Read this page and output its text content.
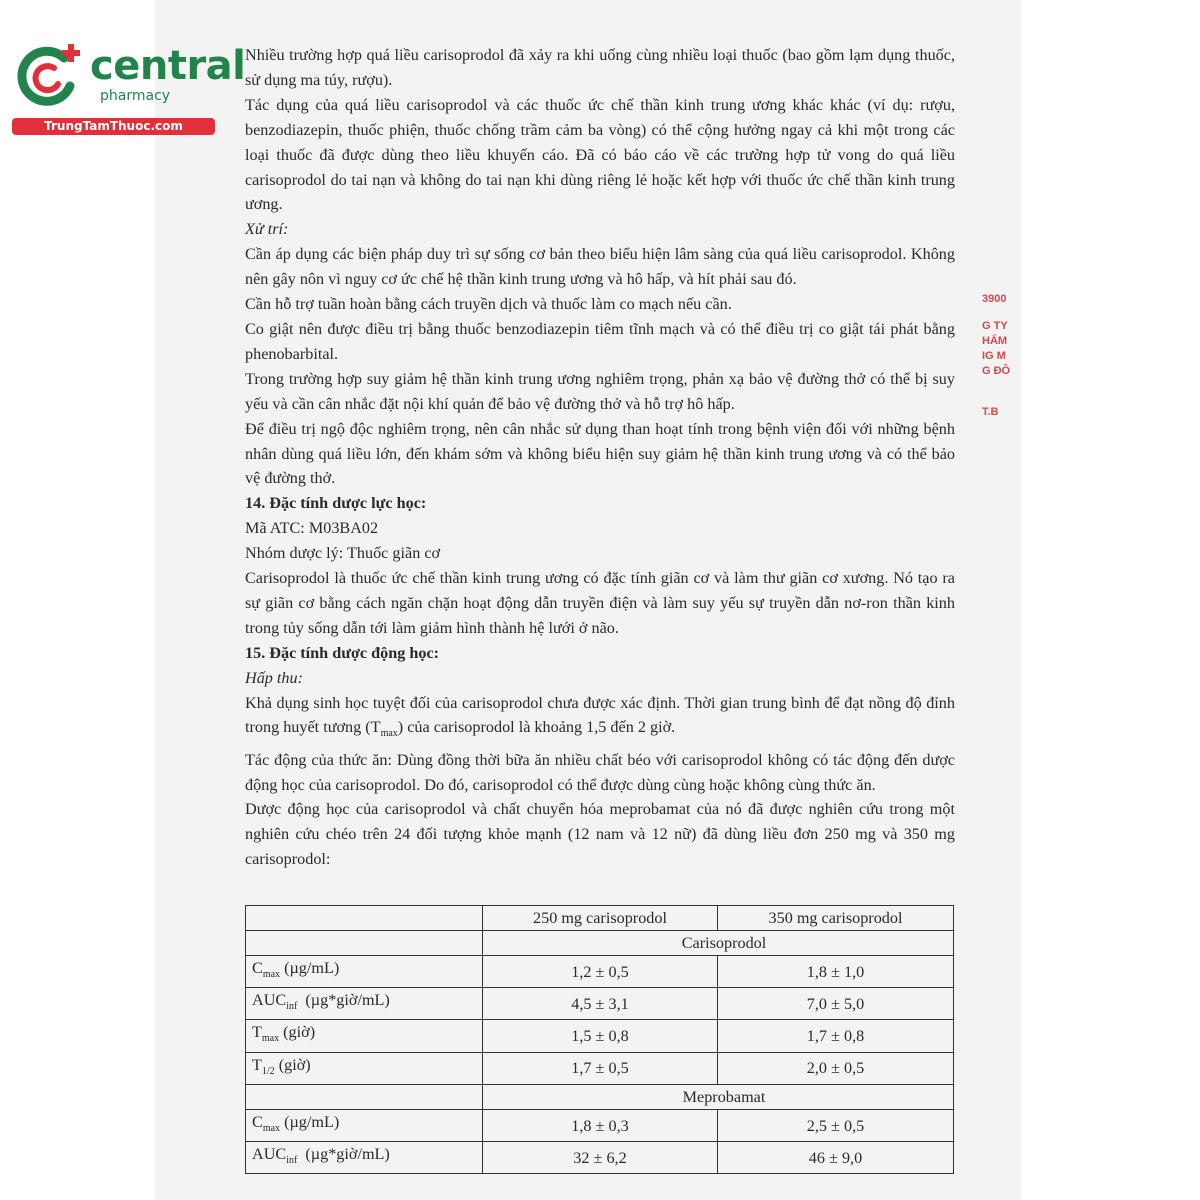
central
pharmacy
TrungTamThuoc.com
3900
G TY
HẨM
IG M
G ĐÔ
T.B

Nhiều trường hợp quá liều carisoprodol đã xảy ra khi uống cùng nhiều loại thuốc (bao gồm lạm dụng thuốc, sử dụng ma túy, rượu).

Tác dụng của quá liều carisoprodol và các thuốc ức chế thần kinh trung ương khác khác (ví dụ: rượu, benzodiazepin, thuốc phiện, thuốc chống trầm cảm ba vòng) có thể cộng hưởng ngay cả khi một trong các loại thuốc đã được dùng theo liều khuyến cáo. Đã có báo cáo về các trường hợp tử vong do quá liều carisoprodol do tai nạn và không do tai nạn khi dùng riêng lẻ hoặc kết hợp với thuốc ức chế thần kinh trung ương.

Xử trí:

Cần áp dụng các biện pháp duy trì sự sống cơ bản theo biểu hiện lâm sàng của quá liều carisoprodol. Không nên gây nôn vì nguy cơ ức chế hệ thần kinh trung ương và hô hấp, và hít phải sau đó.

Cần hỗ trợ tuần hoàn bằng cách truyền dịch và thuốc làm co mạch nếu cần.

Co giật nên được điều trị bằng thuốc benzodiazepin tiêm tĩnh mạch và có thể điều trị co giật tái phát bằng phenobarbital.

Trong trường hợp suy giảm hệ thần kinh trung ương nghiêm trọng, phản xạ bảo vệ đường thở có thể bị suy yếu và cần cân nhắc đặt nội khí quản để bảo vệ đường thở và hỗ trợ hô hấp.

Để điều trị ngộ độc nghiêm trọng, nên cân nhắc sử dụng than hoạt tính trong bệnh viện đối với những bệnh nhân dùng quá liều lớn, đến khám sớm và không biểu hiện suy giảm hệ thần kinh trung ương và có thể bảo vệ đường thở.

14. Đặc tính dược lực học:

Mã ATC: M03BA02

Nhóm dược lý: Thuốc giãn cơ

Carisoprodol là thuốc ức chế thần kinh trung ương có đặc tính giãn cơ và làm thư giãn cơ xương. Nó tạo ra sự giãn cơ bằng cách ngăn chặn hoạt động dẫn truyền điện và làm suy yếu sự truyền dẫn nơ-ron thần kinh trong tủy sống dẫn tới làm giảm hình thành hệ lưới ở não.

15. Đặc tính dược động học:

Hấp thu:

Khả dụng sinh học tuyệt đối của carisoprodol chưa được xác định. Thời gian trung bình để đạt nồng độ đỉnh trong huyết tương $(T_{max})$ của carisoprodol là khoảng 1,5 đến 2 giờ.

Tác động của thức ăn: Dùng đồng thời bữa ăn nhiều chất béo với carisoprodol không có tác động đến dược động học của carisoprodol. Do đó, carisoprodol có thể được dùng cùng hoặc không cùng thức ăn.

Dược động học của carisoprodol và chất chuyển hóa meprobamat của nó đã được nghiên cứu trong một nghiên cứu chéo trên 24 đối tượng khỏe mạnh (12 nam và 12 nữ) đã dùng liều đơn 250 mg và 350 mg carisoprodol:

	250 mg carisoprodol	350 mg carisoprodol
	Carisoprodol	
$C_{max}$ (µg/mL)	1,2 ± 0,5	1,8 ± 1,0
$AUC_{inf}$  (µg*giờ/mL)	4,5 ± 3,1	7,0 ± 5,0
$T_{max}$ (giờ)	1,5 ± 0,8	1,7 ± 0,8
$T_{1/2}$ (giờ)	1,7 ± 0,5	2,0 ± 0,5
	Meprobamat	
$C_{max}$ (µg/mL)	1,8 ± 0,3	2,5 ± 0,5
$AUC_{inf}$  (µg*giờ/mL)	32 ± 6,2	46 ± 9,0
